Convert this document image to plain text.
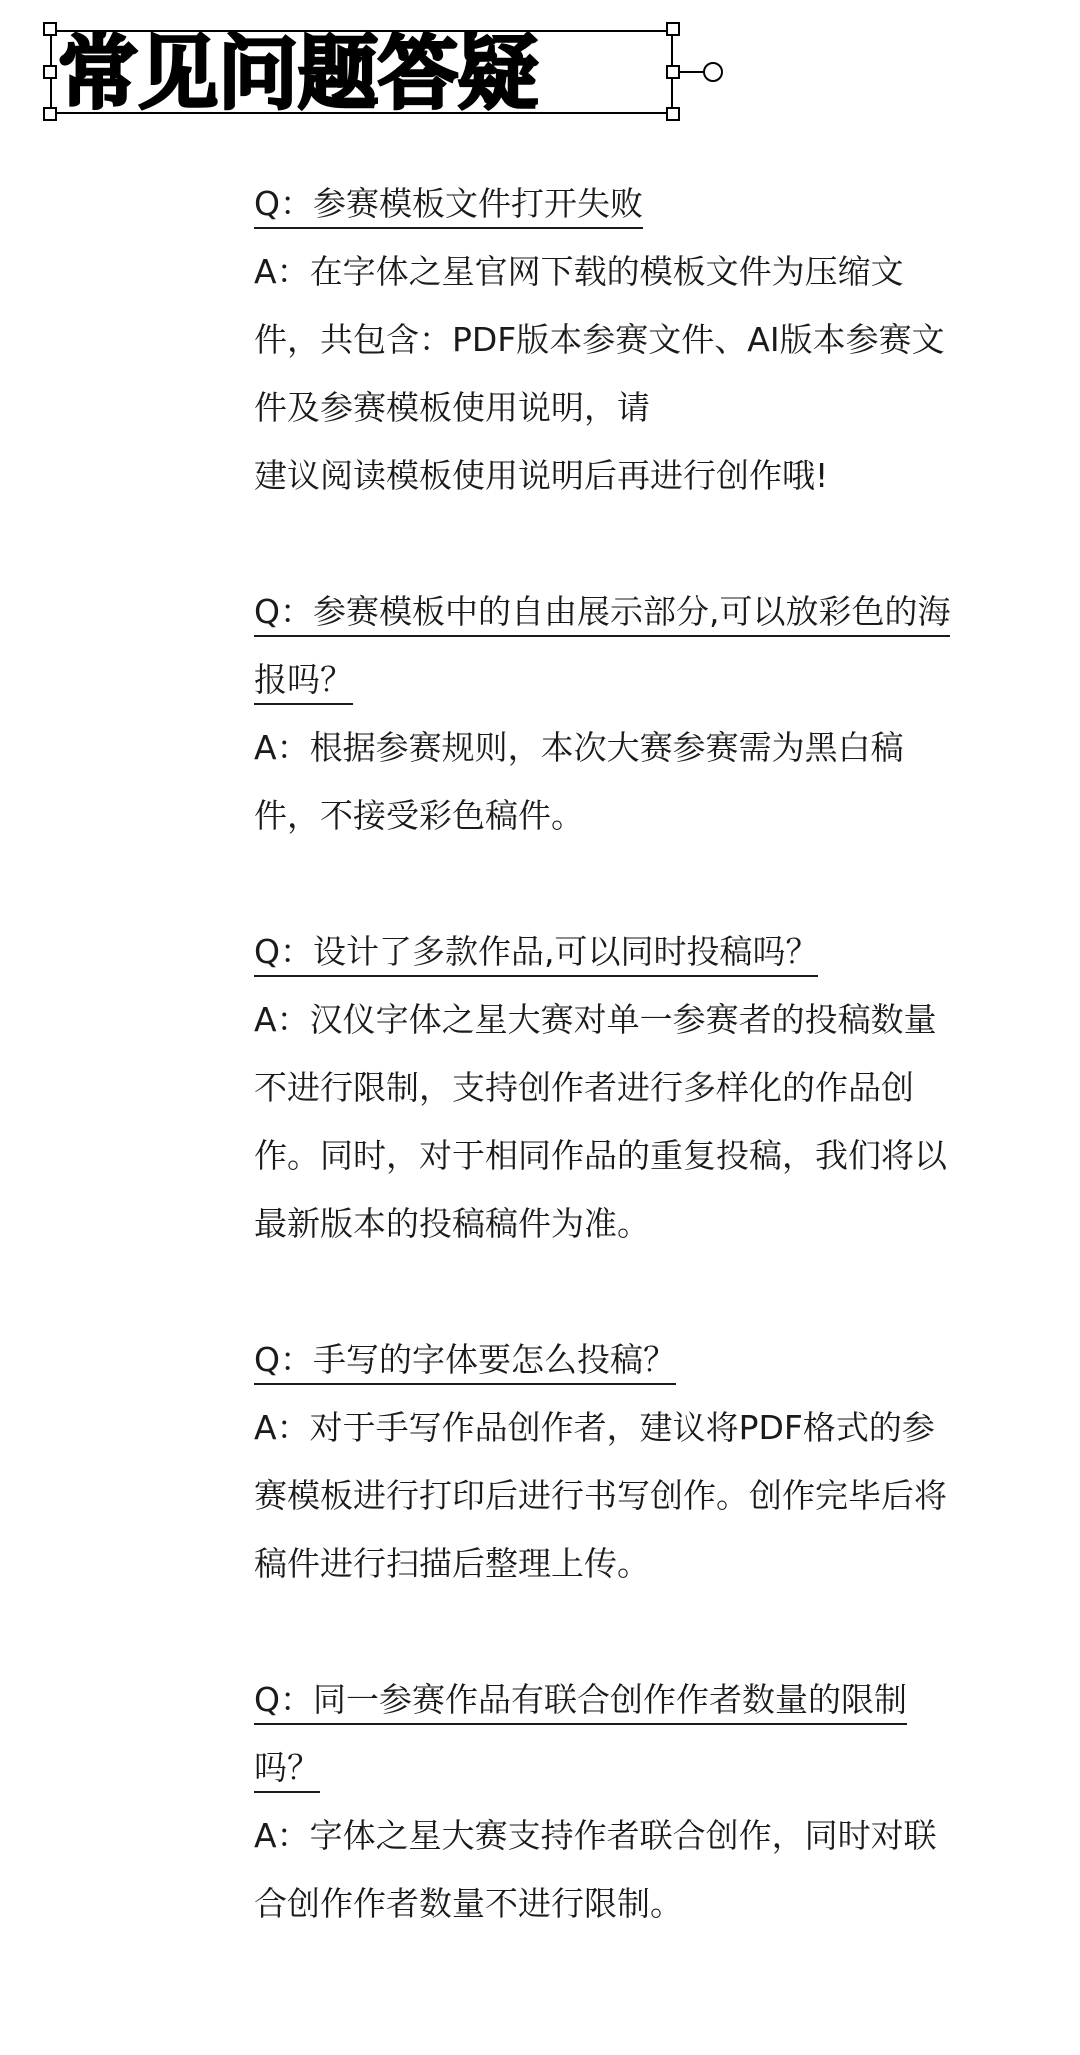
常见问题答疑
Q：参赛模板文件打开失败
A：在字体之星官网下载的模板文件为压缩文件，共包含：PDF版本参赛文件、AI版本参赛文件及参赛模板使用说明，请
建议阅读模板使用说明后再进行创作哦!
Q：参赛模板中的自由展示部分,可以放彩色的海报吗？
A：根据参赛规则，本次大赛参赛需为黑白稿件，不接受彩色稿件。
Q：设计了多款作品,可以同时投稿吗？
A：汉仪字体之星大赛对单一参赛者的投稿数量不进行限制，支持创作者进行多样化的作品创作。同时，对于相同作品的重复投稿，我们将以最新版本的投稿稿件为准。
Q：手写的字体要怎么投稿？
A：对于手写作品创作者，建议将PDF格式的参赛模板进行打印后进行书写创作。创作完毕后将稿件进行扫描后整理上传。
Q：同一参赛作品有联合创作作者数量的限制吗？
A：字体之星大赛支持作者联合创作，同时对联合创作作者数量不进行限制。
